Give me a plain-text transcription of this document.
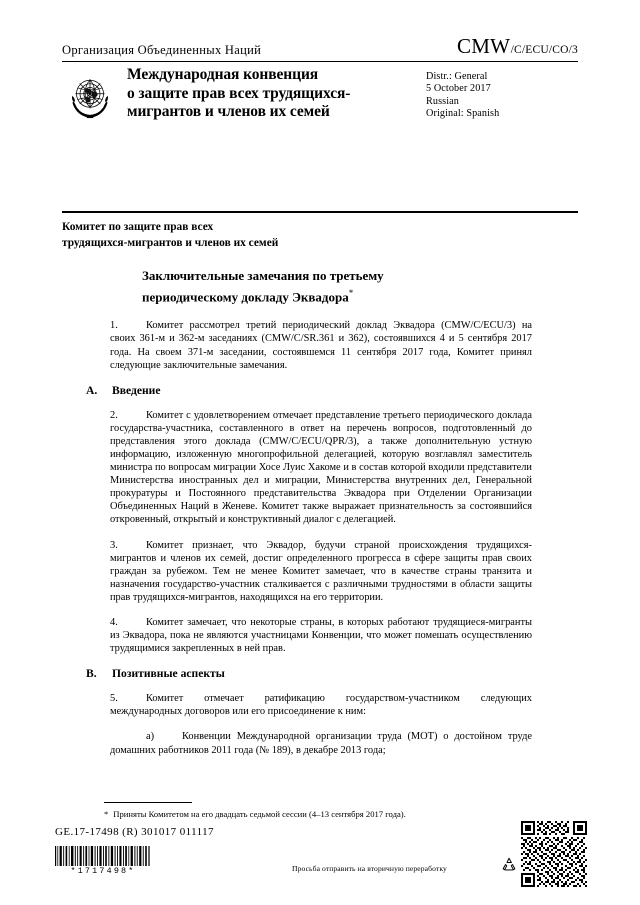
Организация Объединенных Наций	CMW /C/ECU/CO/3
Международная конвенция
о защите прав всех трудящихся-
мигрантов и членов их семей
Distr.: General
5 October 2017
Russian
Original: Spanish
Комитет по защите прав всех
трудящихся-мигрантов и членов их семей
Заключительные замечания по третьему
периодическому докладу Эквадора*
1.	Комитет рассмотрел третий периодический доклад Эквадора (CMW/C/ECU/3) на своих 361-м и 362-м заседаниях (CMW/C/SR.361 и 362), состоявшихся 4 и 5 сентября 2017 года. На своем 371-м заседании, состоявшемся 11 сентября 2017 года, Комитет принял следующие заключительные замечания.
A.	Введение
2.	Комитет с удовлетворением отмечает представление третьего периодического доклада государства-участника, составленного в ответ на перечень вопросов, подготовленный до представления этого доклада (CMW/C/ECU/QPR/3), а также дополнительную устную информацию, изложенную многопрофильной делегацией, которую возглавлял заместитель министра по вопросам миграции Хосе Луис Хакоме и в состав которой входили представители Министерства иностранных дел и миграции, Министерства внутренних дел, Генеральной прокуратуры и Постоянного представительства Эквадора при Отделении Организации Объединенных Наций в Женеве. Комитет также выражает признательность за состоявшийся откровенный, открытый и конструктивный диалог с делегацией.
3.	Комитет признает, что Эквадор, будучи страной происхождения трудящихся-мигрантов и членов их семей, достиг определенного прогресса в сфере защиты прав своих граждан за рубежом. Тем не менее Комитет замечает, что в качестве страны транзита и назначения государство-участник сталкивается с различными трудностями в области защиты прав трудящихся-мигрантов, находящихся на его территории.
4.	Комитет замечает, что некоторые страны, в которых работают трудящиеся-мигранты из Эквадора, пока не являются участницами Конвенции, что может помешать осуществлению трудящимися закрепленных в ней прав.
B.	Позитивные аспекты
5.	Комитет отмечает ратификацию государством-участником следующих международных договоров или его присоединение к ним:
a)	Конвенции Международной организации труда (МОТ) о достойном труде домашних работников 2011 года (№ 189), в декабре 2013 года;
* Приняты Комитетом на его двадцать седьмой сессии (4–13 сентября 2017 года).
GE.17-17498 (R) 301017 011117
*1717498*	Просьба отправить на вторичную переработку
